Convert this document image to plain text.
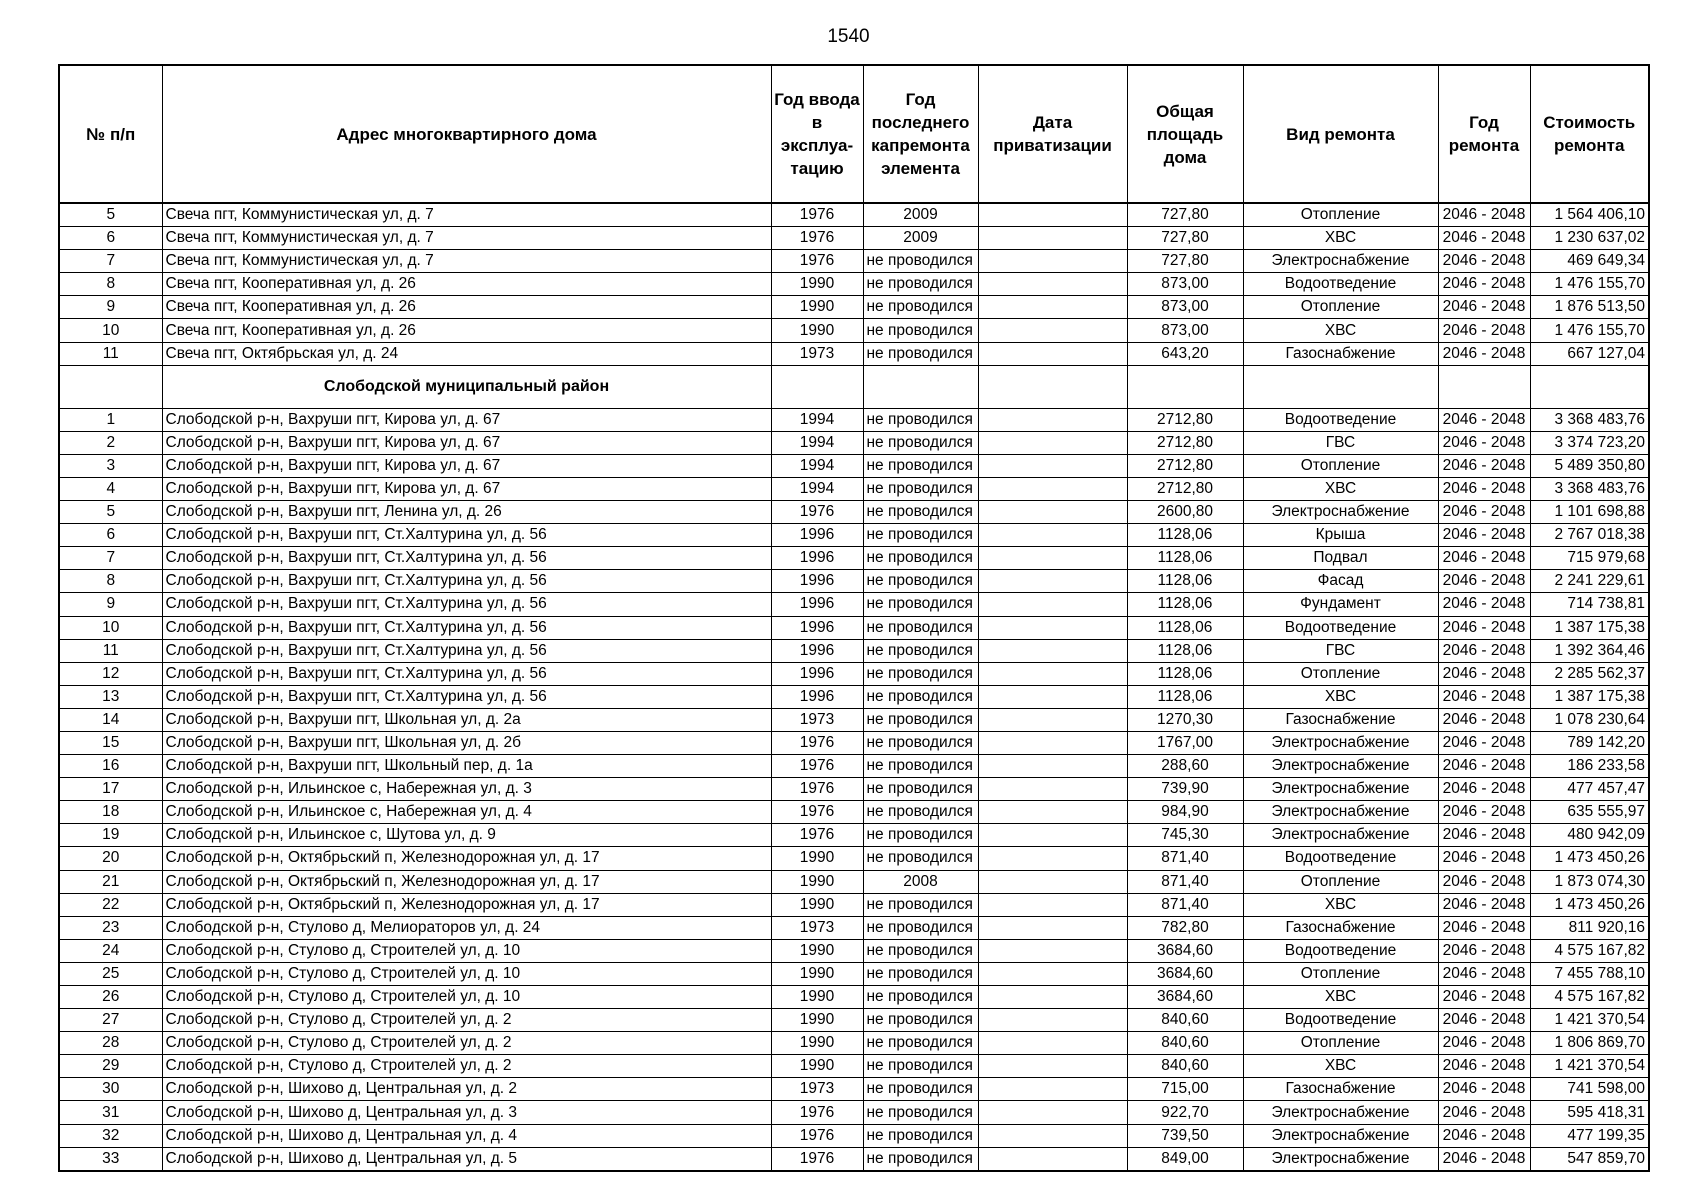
1540
№ п/п	Адрес многоквартирного дома	Год ввода в эксплуа-тацию	Год последнего капремонта элемента	Дата приватизации	Общая площадь дома	Вид ремонта	Год ремонта	Стоимость ремонта
5	Свеча пгт, Коммунистическая ул, д. 7	1976	2009		727,80	Отопление	2046 - 2048	1 564 406,10
6	Свеча пгт, Коммунистическая ул, д. 7	1976	2009		727,80	ХВС	2046 - 2048	1 230 637,02
7	Свеча пгт, Коммунистическая ул, д. 7	1976	не проводился		727,80	Электроснабжение	2046 - 2048	469 649,34
8	Свеча пгт, Кооперативная ул, д. 26	1990	не проводился		873,00	Водоотведение	2046 - 2048	1 476 155,70
9	Свеча пгт, Кооперативная ул, д. 26	1990	не проводился		873,00	Отопление	2046 - 2048	1 876 513,50
10	Свеча пгт, Кооперативная ул, д. 26	1990	не проводился		873,00	ХВС	2046 - 2048	1 476 155,70
11	Свеча пгт, Октябрьская ул, д. 24	1973	не проводился		643,20	Газоснабжение	2046 - 2048	667 127,04
	Слободской муниципальный район							
1	Слободской р-н, Вахруши пгт, Кирова ул, д. 67	1994	не проводился		2712,80	Водоотведение	2046 - 2048	3 368 483,76
2	Слободской р-н, Вахруши пгт, Кирова ул, д. 67	1994	не проводился		2712,80	ГВС	2046 - 2048	3 374 723,20
3	Слободской р-н, Вахруши пгт, Кирова ул, д. 67	1994	не проводился		2712,80	Отопление	2046 - 2048	5 489 350,80
4	Слободской р-н, Вахруши пгт, Кирова ул, д. 67	1994	не проводился		2712,80	ХВС	2046 - 2048	3 368 483,76
5	Слободской р-н, Вахруши пгт, Ленина ул, д. 26	1976	не проводился		2600,80	Электроснабжение	2046 - 2048	1 101 698,88
6	Слободской р-н, Вахруши пгт, Ст.Халтурина ул, д. 56	1996	не проводился		1128,06	Крыша	2046 - 2048	2 767 018,38
7	Слободской р-н, Вахруши пгт, Ст.Халтурина ул, д. 56	1996	не проводился		1128,06	Подвал	2046 - 2048	715 979,68
8	Слободской р-н, Вахруши пгт, Ст.Халтурина ул, д. 56	1996	не проводился		1128,06	Фасад	2046 - 2048	2 241 229,61
9	Слободской р-н, Вахруши пгт, Ст.Халтурина ул, д. 56	1996	не проводился		1128,06	Фундамент	2046 - 2048	714 738,81
10	Слободской р-н, Вахруши пгт, Ст.Халтурина ул, д. 56	1996	не проводился		1128,06	Водоотведение	2046 - 2048	1 387 175,38
11	Слободской р-н, Вахруши пгт, Ст.Халтурина ул, д. 56	1996	не проводился		1128,06	ГВС	2046 - 2048	1 392 364,46
12	Слободской р-н, Вахруши пгт, Ст.Халтурина ул, д. 56	1996	не проводился		1128,06	Отопление	2046 - 2048	2 285 562,37
13	Слободской р-н, Вахруши пгт, Ст.Халтурина ул, д. 56	1996	не проводился		1128,06	ХВС	2046 - 2048	1 387 175,38
14	Слободской р-н, Вахруши пгт, Школьная ул, д. 2а	1973	не проводился		1270,30	Газоснабжение	2046 - 2048	1 078 230,64
15	Слободской р-н, Вахруши пгт, Школьная ул, д. 2б	1976	не проводился		1767,00	Электроснабжение	2046 - 2048	789 142,20
16	Слободской р-н, Вахруши пгт, Школьный пер, д. 1а	1976	не проводился		288,60	Электроснабжение	2046 - 2048	186 233,58
17	Слободской р-н, Ильинское с, Набережная ул, д. 3	1976	не проводился		739,90	Электроснабжение	2046 - 2048	477 457,47
18	Слободской р-н, Ильинское с, Набережная ул, д. 4	1976	не проводился		984,90	Электроснабжение	2046 - 2048	635 555,97
19	Слободской р-н, Ильинское с, Шутова ул, д. 9	1976	не проводился		745,30	Электроснабжение	2046 - 2048	480 942,09
20	Слободской р-н, Октябрьский п, Железнодорожная ул, д. 17	1990	не проводился		871,40	Водоотведение	2046 - 2048	1 473 450,26
21	Слободской р-н, Октябрьский п, Железнодорожная ул, д. 17	1990	2008		871,40	Отопление	2046 - 2048	1 873 074,30
22	Слободской р-н, Октябрьский п, Железнодорожная ул, д. 17	1990	не проводился		871,40	ХВС	2046 - 2048	1 473 450,26
23	Слободской р-н, Стулово д, Мелиораторов ул, д. 24	1973	не проводился		782,80	Газоснабжение	2046 - 2048	811 920,16
24	Слободской р-н, Стулово д, Строителей ул, д. 10	1990	не проводился		3684,60	Водоотведение	2046 - 2048	4 575 167,82
25	Слободской р-н, Стулово д, Строителей ул, д. 10	1990	не проводился		3684,60	Отопление	2046 - 2048	7 455 788,10
26	Слободской р-н, Стулово д, Строителей ул, д. 10	1990	не проводился		3684,60	ХВС	2046 - 2048	4 575 167,82
27	Слободской р-н, Стулово д, Строителей ул, д. 2	1990	не проводился		840,60	Водоотведение	2046 - 2048	1 421 370,54
28	Слободской р-н, Стулово д, Строителей ул, д. 2	1990	не проводился		840,60	Отопление	2046 - 2048	1 806 869,70
29	Слободской р-н, Стулово д, Строителей ул, д. 2	1990	не проводился		840,60	ХВС	2046 - 2048	1 421 370,54
30	Слободской р-н, Шихово д, Центральная ул, д. 2	1973	не проводился		715,00	Газоснабжение	2046 - 2048	741 598,00
31	Слободской р-н, Шихово д, Центральная ул, д. 3	1976	не проводился		922,70	Электроснабжение	2046 - 2048	595 418,31
32	Слободской р-н, Шихово д, Центральная ул, д. 4	1976	не проводился		739,50	Электроснабжение	2046 - 2048	477 199,35
33	Слободской р-н, Шихово д, Центральная ул, д. 5	1976	не проводился		849,00	Электроснабжение	2046 - 2048	547 859,70
